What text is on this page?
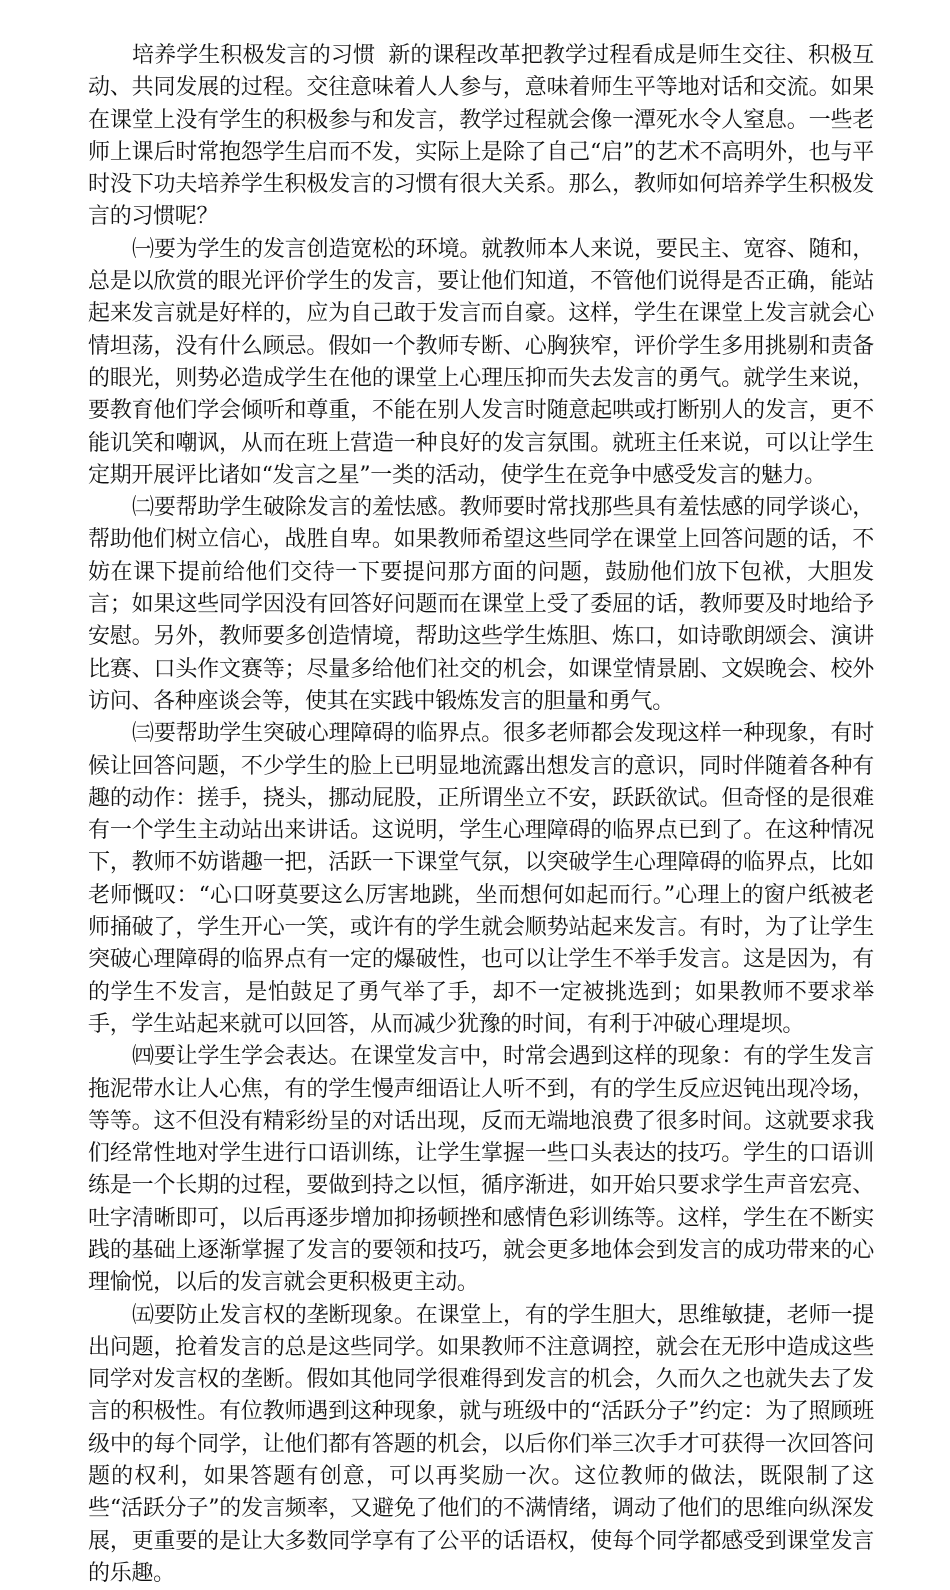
培养学生积极发言的习惯 新的课程改革把教学过程看成是师生交往、积极互动、共同发展的过程。交往意味着人人参与，意味着师生平等地对话和交流。如果在课堂上没有学生的积极参与和发言，教学过程就会像一潭死水令人窒息。一些老师上课后时常抱怨学生启而不发，实际上是除了自己“启”的艺术不高明外，也与平时没下功夫培养学生积极发言的习惯有很大关系。那么，教师如何培养学生积极发言的习惯呢？

㈠要为学生的发言创造宽松的环境。就教师本人来说，要民主、宽容、随和，总是以欣赏的眼光评价学生的发言，要让他们知道，不管他们说得是否正确，能站起来发言就是好样的，应为自己敢于发言而自豪。这样，学生在课堂上发言就会心情坦荡，没有什么顾忌。假如一个教师专断、心胸狭窄，评价学生多用挑剔和责备的眼光，则势必造成学生在他的课堂上心理压抑而失去发言的勇气。就学生来说，要教育他们学会倾听和尊重，不能在别人发言时随意起哄或打断别人的发言，更不能讥笑和嘲讽，从而在班上营造一种良好的发言氛围。就班主任来说，可以让学生定期开展评比诸如“发言之星”一类的活动，使学生在竞争中感受发言的魅力。

㈡要帮助学生破除发言的羞怯感。教师要时常找那些具有羞怯感的同学谈心，帮助他们树立信心，战胜自卑。如果教师希望这些同学在课堂上回答问题的话，不妨在课下提前给他们交待一下要提问那方面的问题，鼓励他们放下包袱，大胆发言；如果这些同学因没有回答好问题而在课堂上受了委屈的话，教师要及时地给予安慰。另外，教师要多创造情境，帮助这些学生炼胆、炼口，如诗歌朗颂会、演讲比赛、口头作文赛等；尽量多给他们社交的机会，如课堂情景剧、文娱晚会、校外访问、各种座谈会等，使其在实践中锻炼发言的胆量和勇气。

㈢要帮助学生突破心理障碍的临界点。很多老师都会发现这样一种现象，有时候让回答问题，不少学生的脸上已明显地流露出想发言的意识，同时伴随着各种有趣的动作：搓手，挠头，挪动屁股，正所谓坐立不安，跃跃欲试。但奇怪的是很难有一个学生主动站出来讲话。这说明，学生心理障碍的临界点已到了。在这种情况下，教师不妨谐趣一把，活跃一下课堂气氛，以突破学生心理障碍的临界点，比如老师慨叹：“心口呀莫要这么厉害地跳，坐而想何如起而行。”心理上的窗户纸被老师捅破了，学生开心一笑，或许有的学生就会顺势站起来发言。有时，为了让学生突破心理障碍的临界点有一定的爆破性，也可以让学生不举手发言。这是因为，有的学生不发言，是怕鼓足了勇气举了手，却不一定被挑选到；如果教师不要求举手，学生站起来就可以回答，从而减少犹豫的时间，有利于冲破心理堤坝。

㈣要让学生学会表达。在课堂发言中，时常会遇到这样的现象：有的学生发言拖泥带水让人心焦，有的学生慢声细语让人听不到，有的学生反应迟钝出现冷场，等等。这不但没有精彩纷呈的对话出现，反而无端地浪费了很多时间。这就要求我们经常性地对学生进行口语训练，让学生掌握一些口头表达的技巧。学生的口语训练是一个长期的过程，要做到持之以恒，循序渐进，如开始只要求学生声音宏亮、吐字清晰即可，以后再逐步增加抑扬顿挫和感情色彩训练等。这样，学生在不断实践的基础上逐渐掌握了发言的要领和技巧，就会更多地体会到发言的成功带来的心理愉悦，以后的发言就会更积极更主动。

㈤要防止发言权的垄断现象。在课堂上，有的学生胆大，思维敏捷，老师一提出问题，抢着发言的总是这些同学。如果教师不注意调控，就会在无形中造成这些同学对发言权的垄断。假如其他同学很难得到发言的机会，久而久之也就失去了发言的积极性。有位教师遇到这种现象，就与班级中的“活跃分子”约定：为了照顾班级中的每个同学，让他们都有答题的机会，以后你们举三次手才可获得一次回答问题的权利，如果答题有创意，可以再奖励一次。这位教师的做法，既限制了这些“活跃分子”的发言频率，又避免了他们的不满情绪，调动了他们的思维向纵深发展，更重要的是让大多数同学享有了公平的话语权，使每个同学都感受到课堂发言的乐趣。
